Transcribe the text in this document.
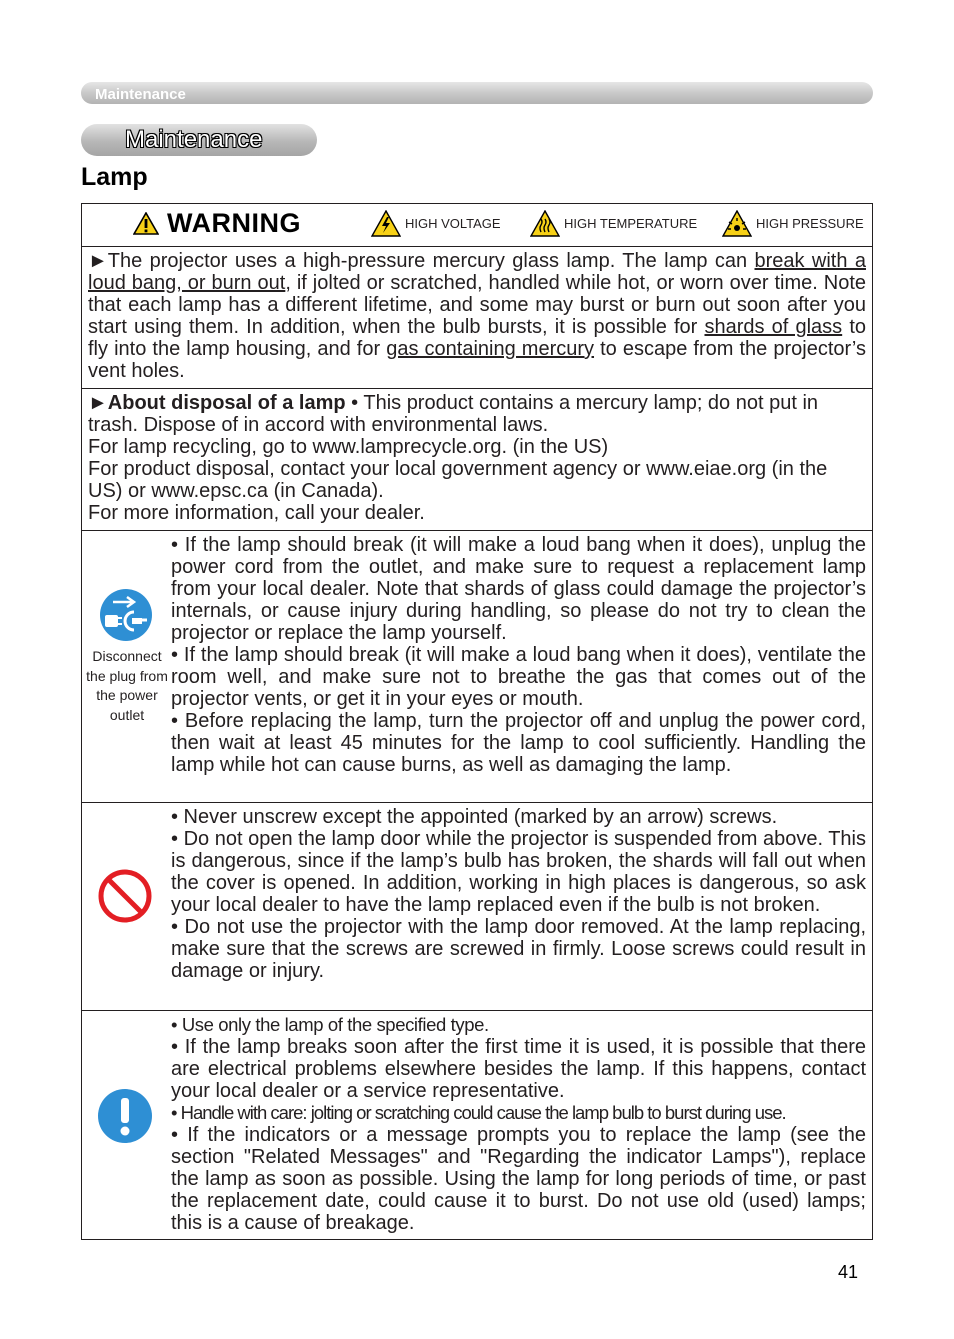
Maintenance
Maintenance
Lamp
WARNING	HIGH VOLTAGE	HIGH TEMPERATURE	HIGH PRESSURE
►The projector uses a high-pressure mercury glass lamp. The lamp can break with a loud bang, or burn out, if jolted or scratched, handled while hot, or worn over time. Note that each lamp has a different lifetime, and some may burst or burn out soon after you start using them. In addition, when the bulb bursts, it is possible for shards of glass to fly into the lamp housing, and for gas containing mercury to escape from the projector’s vent holes.

►About disposal of a lamp • This product contains a mercury lamp; do not put in trash. Dispose of in accord with environmental laws.

For lamp recycling, go to www.lamprecycle.org. (in the US)

For product disposal, contact your local government agency or www.eiae.org (in the US) or www.epsc.ca (in Canada).

For more information, call your dealer.

Disconnect the plug from the power outlet

• If the lamp should break (it will make a loud bang when it does), unplug the power cord from the outlet, and make sure to request a replacement lamp from your local dealer. Note that shards of glass could damage the projector’s internals, or cause injury during handling, so please do not try to clean the projector or replace the lamp yourself.

• If the lamp should break (it will make a loud bang when it does), ventilate the room well, and make sure not to breathe the gas that comes out of the projector vents, or get it in your eyes or mouth.

• Before replacing the lamp, turn the projector off and unplug the power cord, then wait at least 45 minutes for the lamp to cool sufficiently. Handling the lamp while hot can cause burns, as well as damaging the lamp.

• Never unscrew except the appointed (marked by an arrow) screws.

• Do not open the lamp door while the projector is suspended from above. This is dangerous, since if the lamp’s bulb has broken, the shards will fall out when the cover is opened. In addition, working in high places is dangerous, so ask your local dealer to have the lamp replaced even if the bulb is not broken.

• Do not use the projector with the lamp door removed. At the lamp replacing, make sure that the screws are screwed in firmly. Loose screws could result in damage or injury.

• Use only the lamp of the specified type.

• If the lamp breaks soon after the first time it is used, it is possible that there are electrical problems elsewhere besides the lamp. If this happens, contact your local dealer or a service representative.

• Handle with care: jolting or scratching could cause the lamp bulb to burst during use.

• If the indicators or a message prompts you to replace the lamp (see the section "Related Messages" and "Regarding the indicator Lamps"), replace the lamp as soon as possible. Using the lamp for long periods of time, or past the replacement date, could cause it to burst. Do not use old (used) lamps; this is a cause of breakage.

41
